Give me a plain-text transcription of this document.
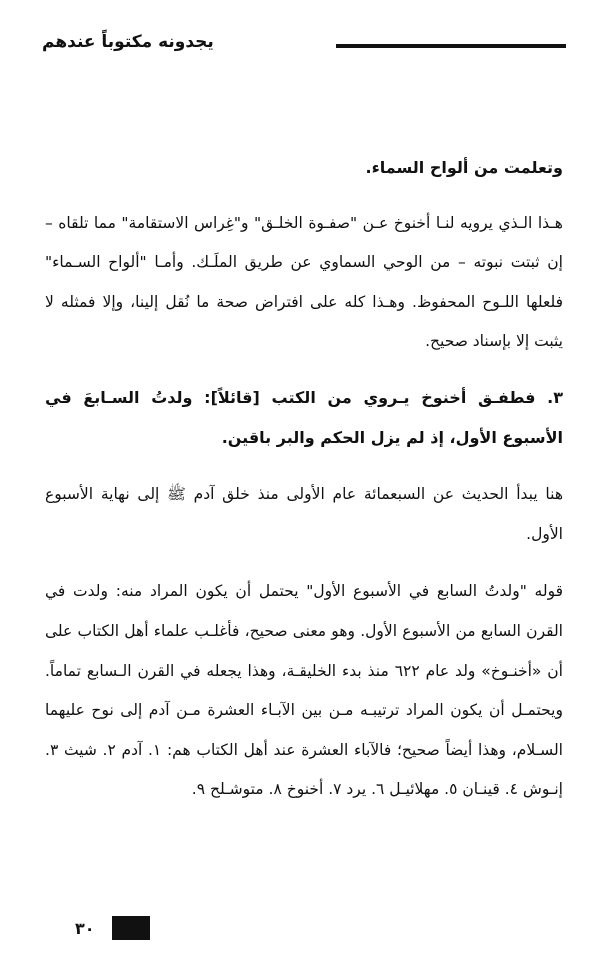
يجدونه مكتوباً عندهم

وتعلمت من ألواح السماء.

هـذا الـذي يرويه لنـا أخنوخ عـن "صفـوة الخلـق" و"غِراس الاستقامة" مما تلقاه – إن ثبتت نبوته – من الوحي السماوي عن طريق الملَـك. وأمـا "ألواح السـماء" فلعلها اللـوح المحفوظ. وهـذا كله على افتراض صحة ما نُقل إلينا، وإلا فمثله لا يثبت إلا بإسناد صحيح.

٣. فطفـق أخنوخ يـروي من الكتب [قائلاً]: ولدتُ السـابعَ في الأسبوع الأول، إذ لم يزل الحكم والبر باقين.

هنا يبدأ الحديث عن السبعمائة عام الأولى منذ خلق آدم ﷺ إلى نهاية الأسبوع الأول.

قوله "ولدتُ السابع في الأسبوع الأول" يحتمل أن يكون المراد منه: ولدت في القرن السابع من الأسبوع الأول. وهو معنى صحيح، فأغلـب علماء أهل الكتاب على أن «أخنـوخ» ولد عام ٦٢٢ منذ بدء الخليقـة، وهذا يجعله في القرن الـسابع تماماً. ويحتمـل أن يكون المراد ترتيبـه مـن بين الآبـاء العشرة مـن آدم إلى نوح عليهما السـلام، وهذا أيضاً صحيح؛ فالآباء العشرة عند أهل الكتاب هم: ١. آدم ٢. شيث ٣. إنـوش ٤. قينـان ٥. مهلائيـل ٦. يرد ٧. أخنوخ ٨. متوشـلح ٩.

٣٠
